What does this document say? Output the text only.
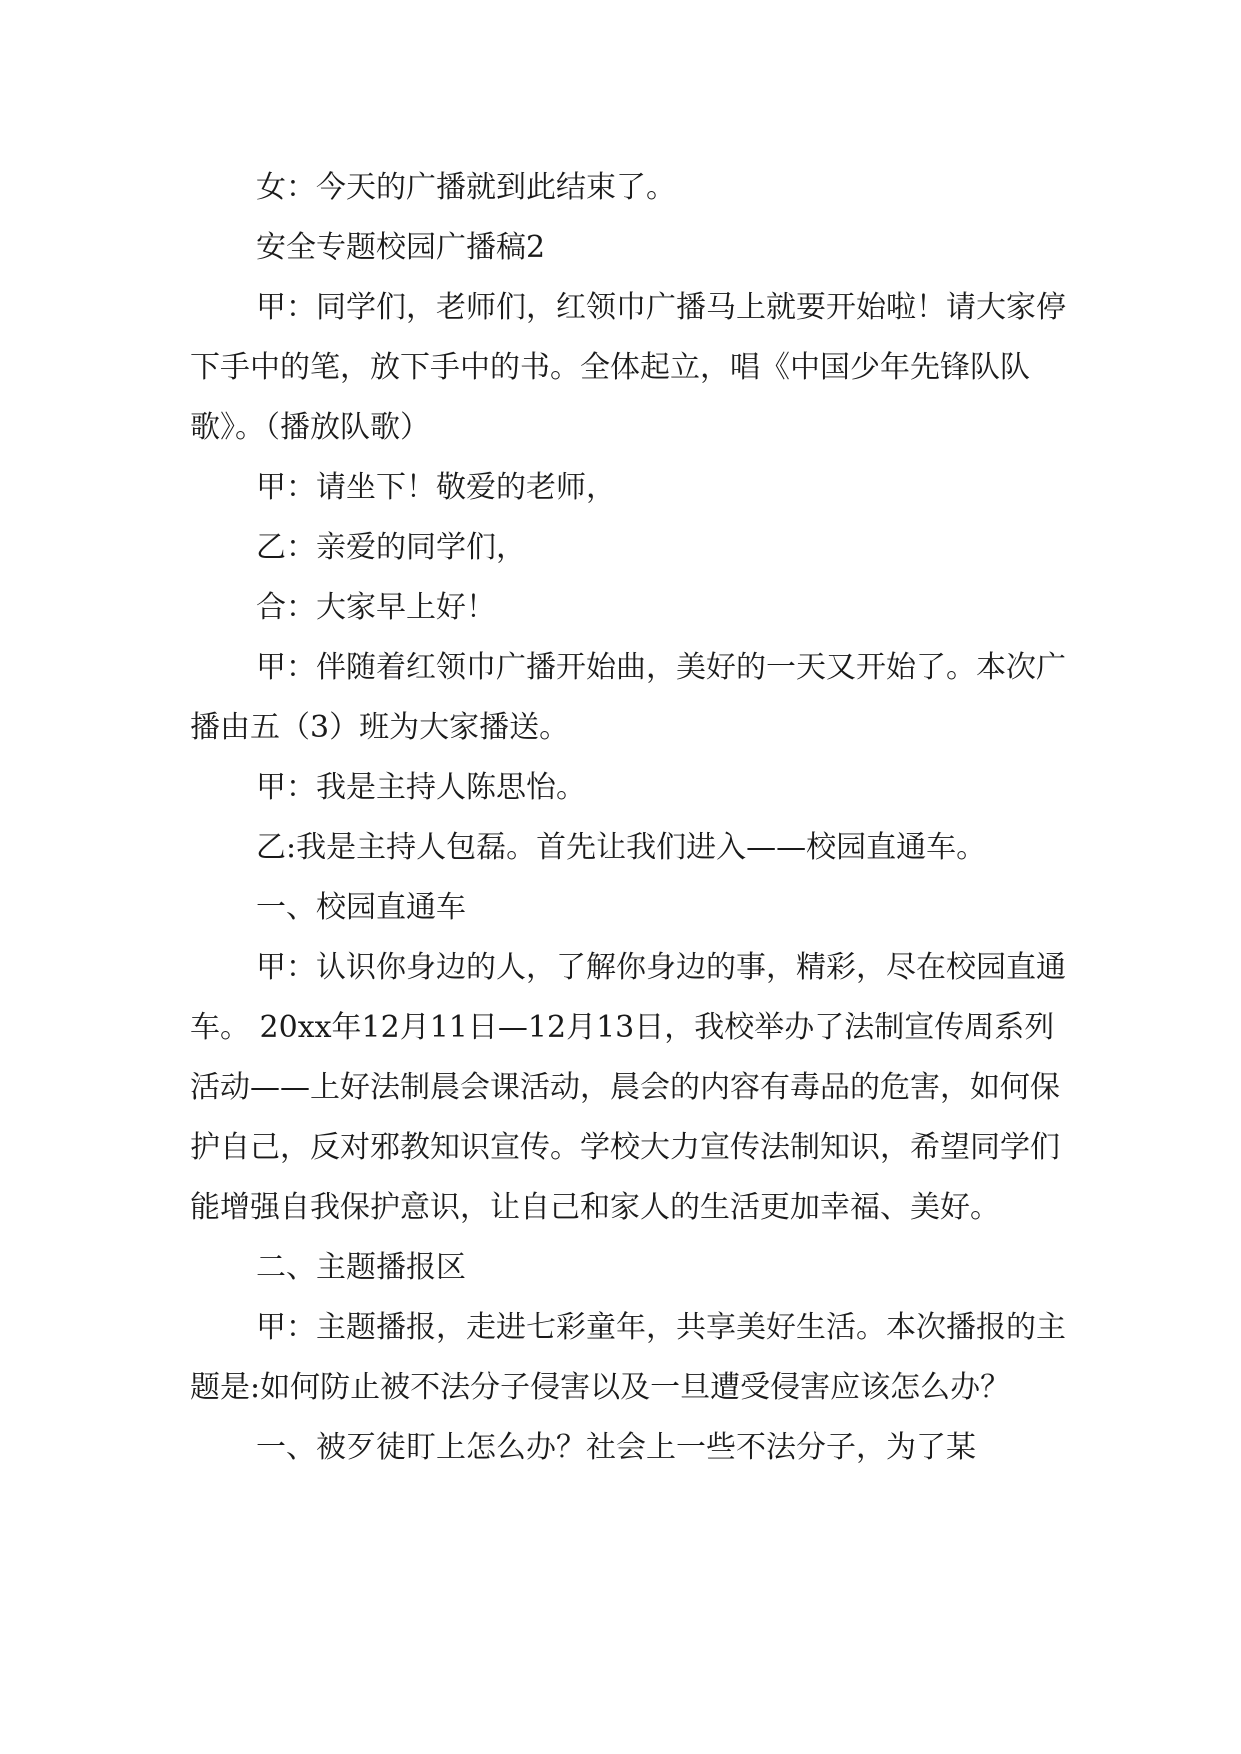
女：今天的广播就到此结束了。

安全专题校园广播稿2

甲：同学们，老师们，红领巾广播马上就要开始啦！请大家停下手中的笔，放下手中的书。全体起立，唱《中国少年先锋队队歌》。（播放队歌）

甲：请坐下！敬爱的老师，

乙：亲爱的同学们，

合：大家早上好！

甲：伴随着红领巾广播开始曲，美好的一天又开始了。本次广播由五（3）班为大家播送。

甲：我是主持人陈思怡。

乙:我是主持人包磊。首先让我们进入——校园直通车。

一、校园直通车

甲：认识你身边的人，了解你身边的事，精彩，尽在校园直通车。 20xx年12月11日—12月13日，我校举办了法制宣传周系列活动——上好法制晨会课活动，晨会的内容有毒品的危害，如何保护自己，反对邪教知识宣传。学校大力宣传法制知识，希望同学们能增强自我保护意识，让自己和家人的生活更加幸福、美好。

二、主题播报区

甲：主题播报，走进七彩童年，共享美好生活。本次播报的主题是:如何防止被不法分子侵害以及一旦遭受侵害应该怎么办？

一、被歹徒盯上怎么办？社会上一些不法分子，为了某
